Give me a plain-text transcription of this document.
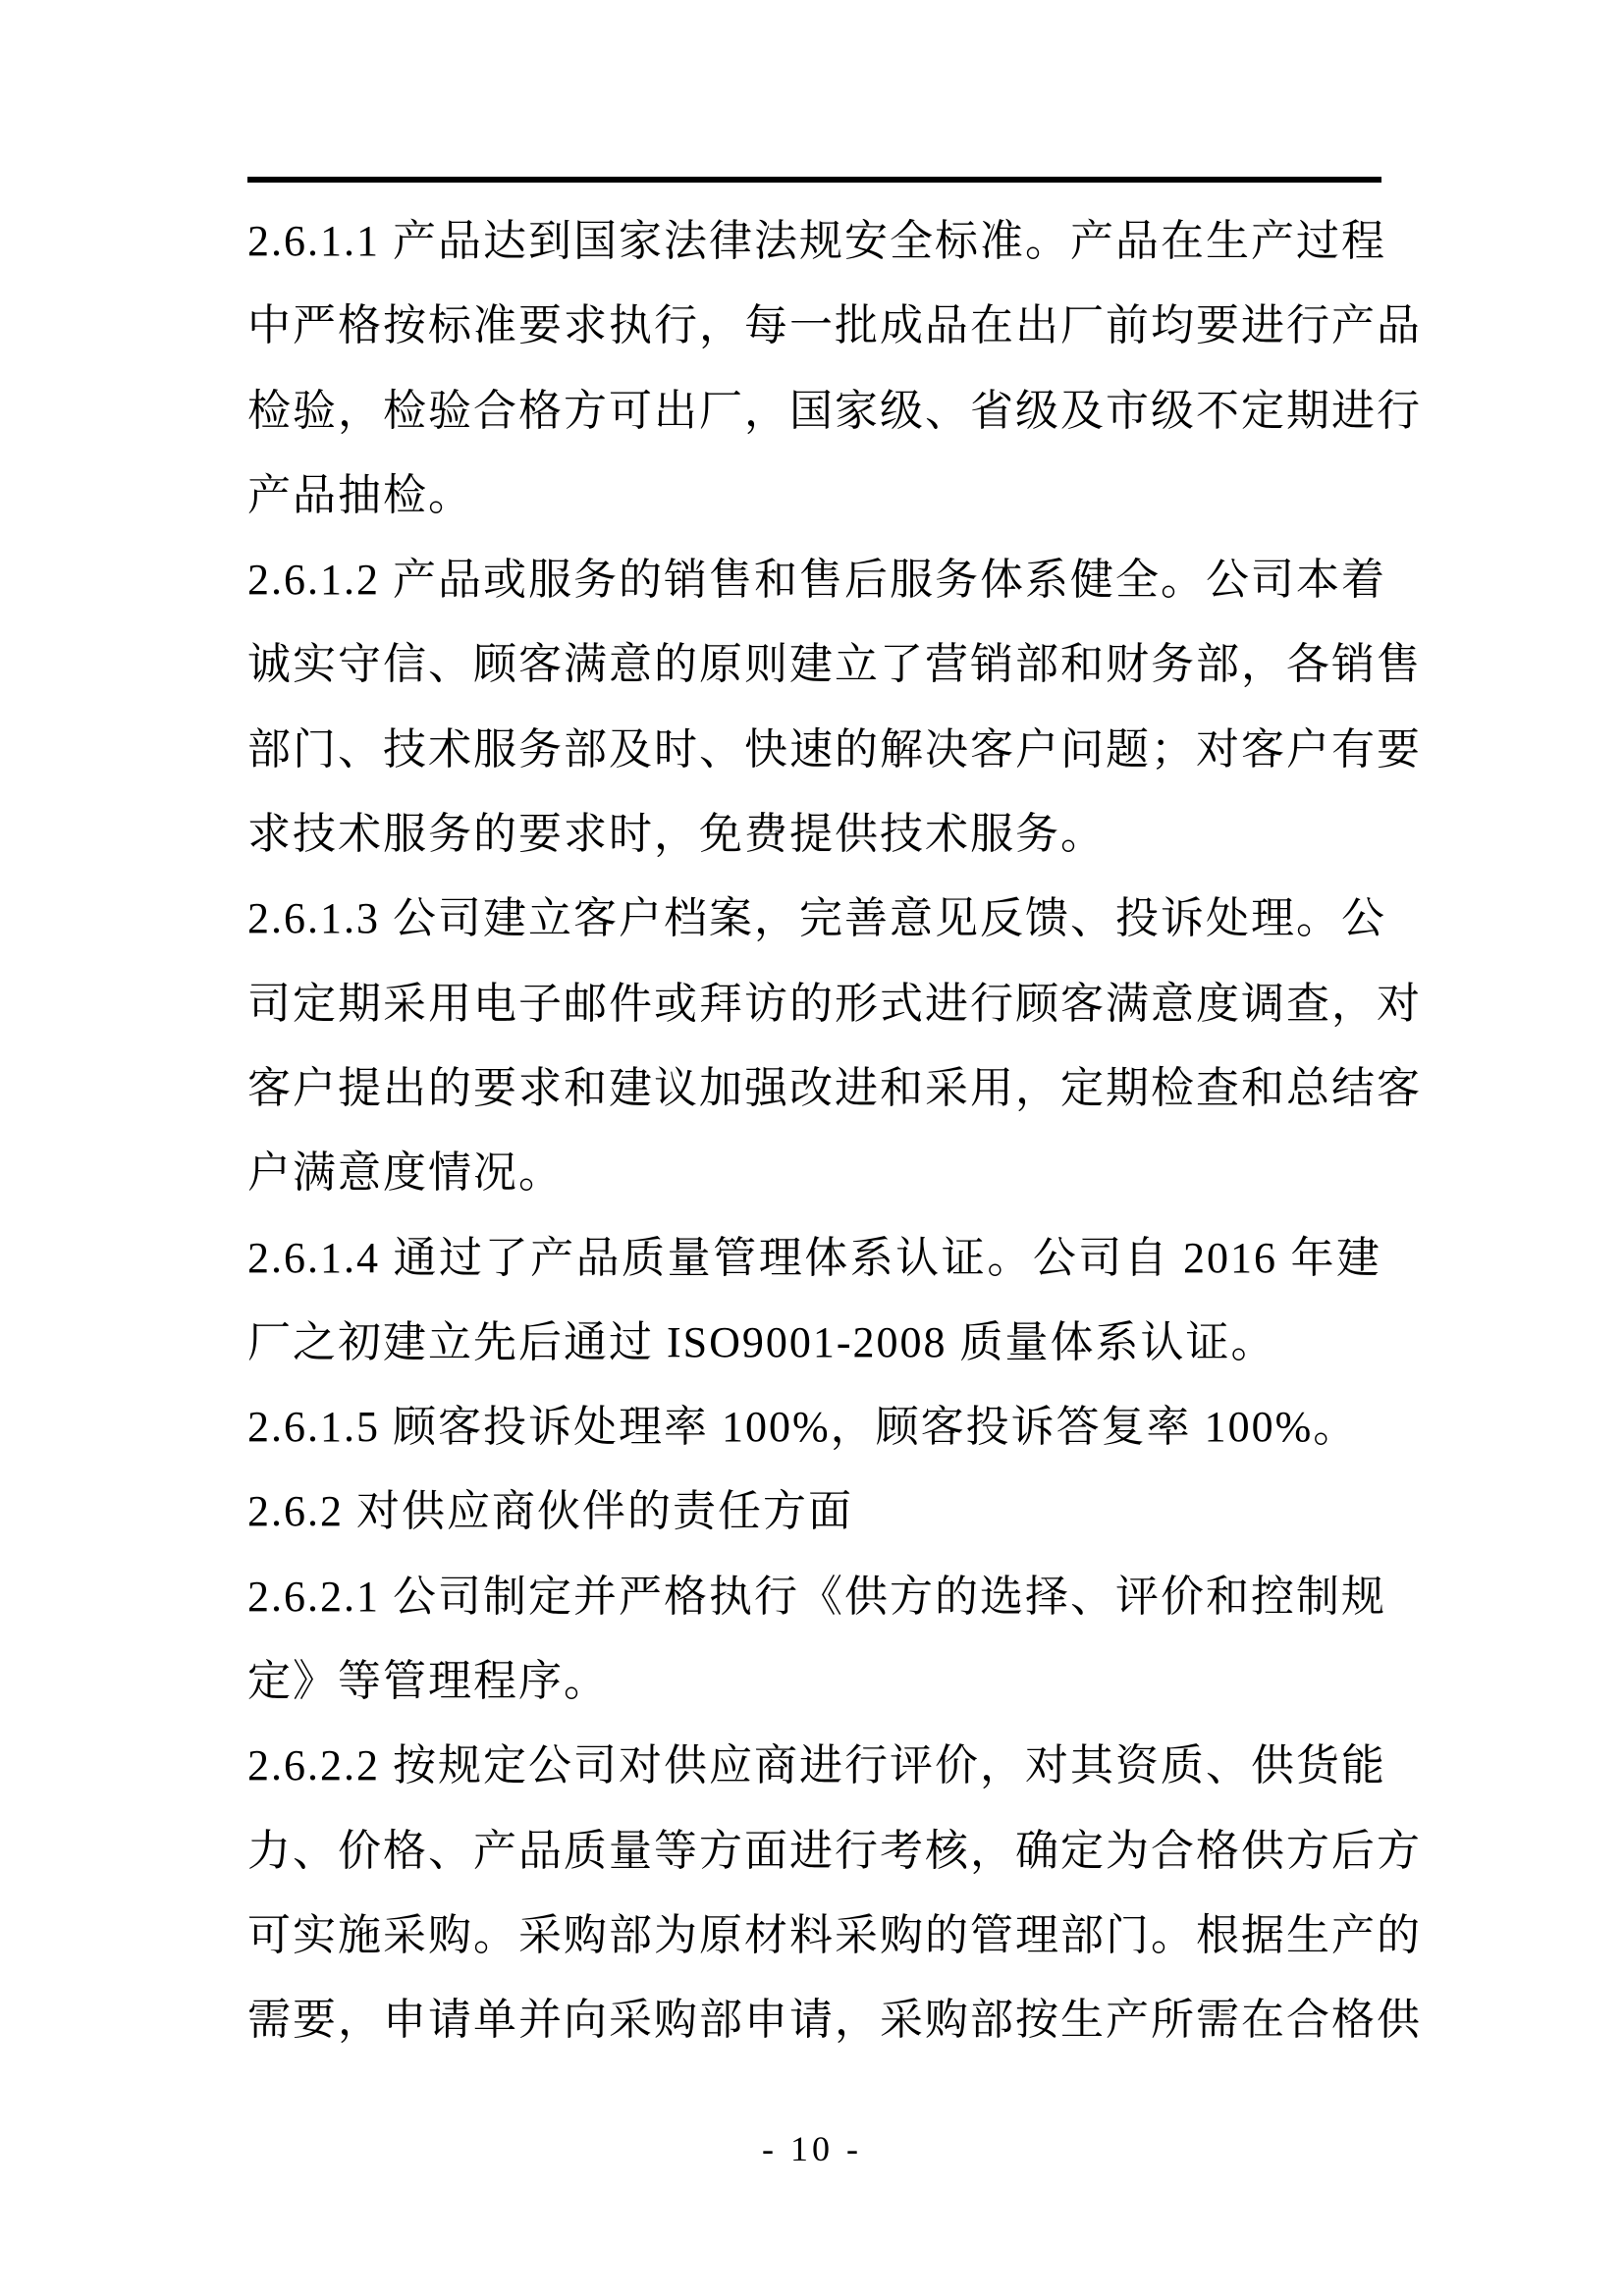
2.6.1.1 产品达到国家法律法规安全标准。产品在生产过程
中严格按标准要求执行，每一批成品在出厂前均要进行产品
检验，检验合格方可出厂，国家级、省级及市级不定期进行
产品抽检。
2.6.1.2 产品或服务的销售和售后服务体系健全。公司本着
诚实守信、顾客满意的原则建立了营销部和财务部，各销售
部门、技术服务部及时、快速的解决客户问题；对客户有要
求技术服务的要求时，免费提供技术服务。
2.6.1.3 公司建立客户档案，完善意见反馈、投诉处理。公
司定期采用电子邮件或拜访的形式进行顾客满意度调查，对
客户提出的要求和建议加强改进和采用，定期检查和总结客
户满意度情况。
2.6.1.4 通过了产品质量管理体系认证。公司自 2016 年建
厂之初建立先后通过 ISO9001-2008 质量体系认证。
2.6.1.5 顾客投诉处理率 100%，顾客投诉答复率 100%。
2.6.2 对供应商伙伴的责任方面
2.6.2.1 公司制定并严格执行《供方的选择、评价和控制规
定》等管理程序。
2.6.2.2 按规定公司对供应商进行评价，对其资质、供货能
力、价格、产品质量等方面进行考核，确定为合格供方后方
可实施采购。采购部为原材料采购的管理部门。根据生产的
需要，申请单并向采购部申请，采购部按生产所需在合格供
- 10 -
